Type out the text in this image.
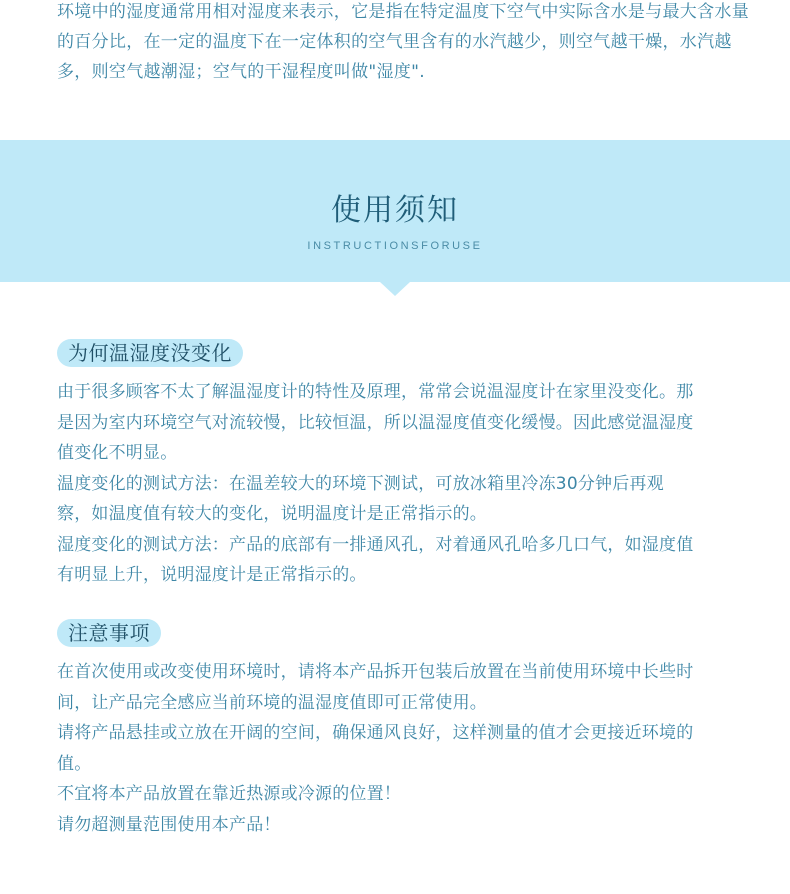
环境中的湿度通常用相对湿度来表示，它是指在特定温度下空气中实际含水是与最大含水量的百分比，在一定的温度下在一定体积的空气里含有的水汽越少，则空气越干燥，水汽越多，则空气越潮湿；空气的干湿程度叫做"湿度".

使用须知
INSTRUCTIONSFORUSE
为何温湿度没变化

由于很多顾客不太了解温湿度计的特性及原理，常常会说温湿度计在家里没变化。那是因为室内环境空气对流较慢，比较恒温，所以温湿度值变化缓慢。因此感觉温湿度值变化不明显。

温度变化的测试方法：在温差较大的环境下测试，可放冰箱里冷冻30分钟后再观察，如温度值有较大的变化，说明温度计是正常指示的。

湿度变化的测试方法：产品的底部有一排通风孔，对着通风孔哈多几口气，如湿度值有明显上升，说明湿度计是正常指示的。

注意事项

在首次使用或改变使用环境时，请将本产品拆开包装后放置在当前使用环境中长些时间，让产品完全感应当前环境的温湿度值即可正常使用。

请将产品悬挂或立放在开阔的空间，确保通风良好，这样测量的值才会更接近环境的值。

不宜将本产品放置在靠近热源或冷源的位置！

请勿超测量范围使用本产品！
